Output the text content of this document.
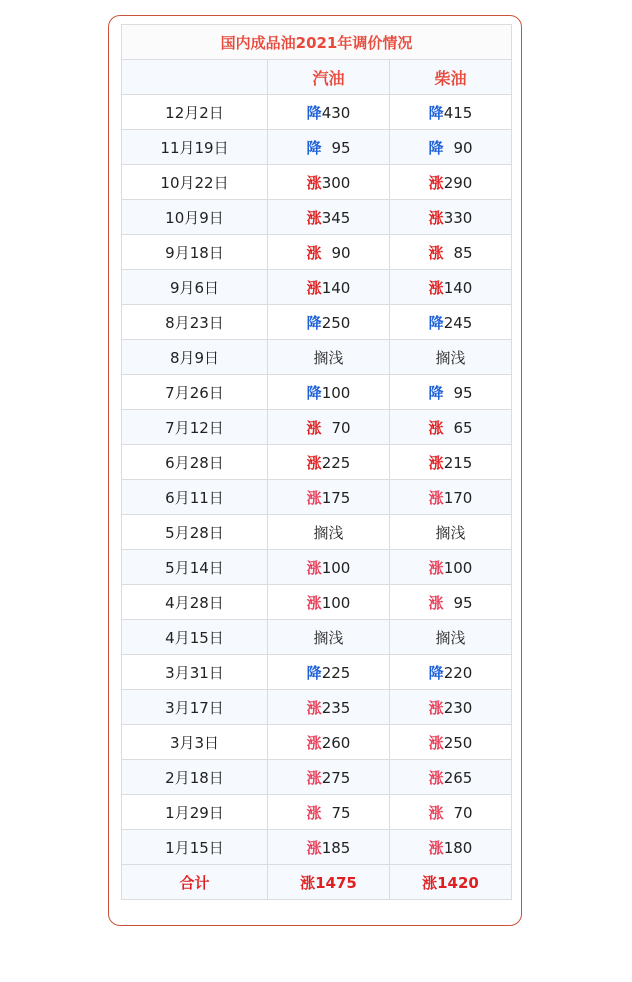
国内成品油2021年调价情况		
	汽油	柴油
12月2日	降430	降415
11月19日	降 95	降 90
10月22日	涨300	涨290
10月9日	涨345	涨330
9月18日	涨 90	涨 85
9月6日	涨140	涨140
8月23日	降250	降245
8月9日	搁浅	搁浅
7月26日	降100	降 95
7月12日	涨 70	涨 65
6月28日	涨225	涨215
6月11日	涨175	涨170
5月28日	搁浅	搁浅
5月14日	涨100	涨100
4月28日	涨100	涨 95
4月15日	搁浅	搁浅
3月31日	降225	降220
3月17日	涨235	涨230
3月3日	涨260	涨250
2月18日	涨275	涨265
1月29日	涨 75	涨 70
1月15日	涨185	涨180
合计	涨1475	涨1420
